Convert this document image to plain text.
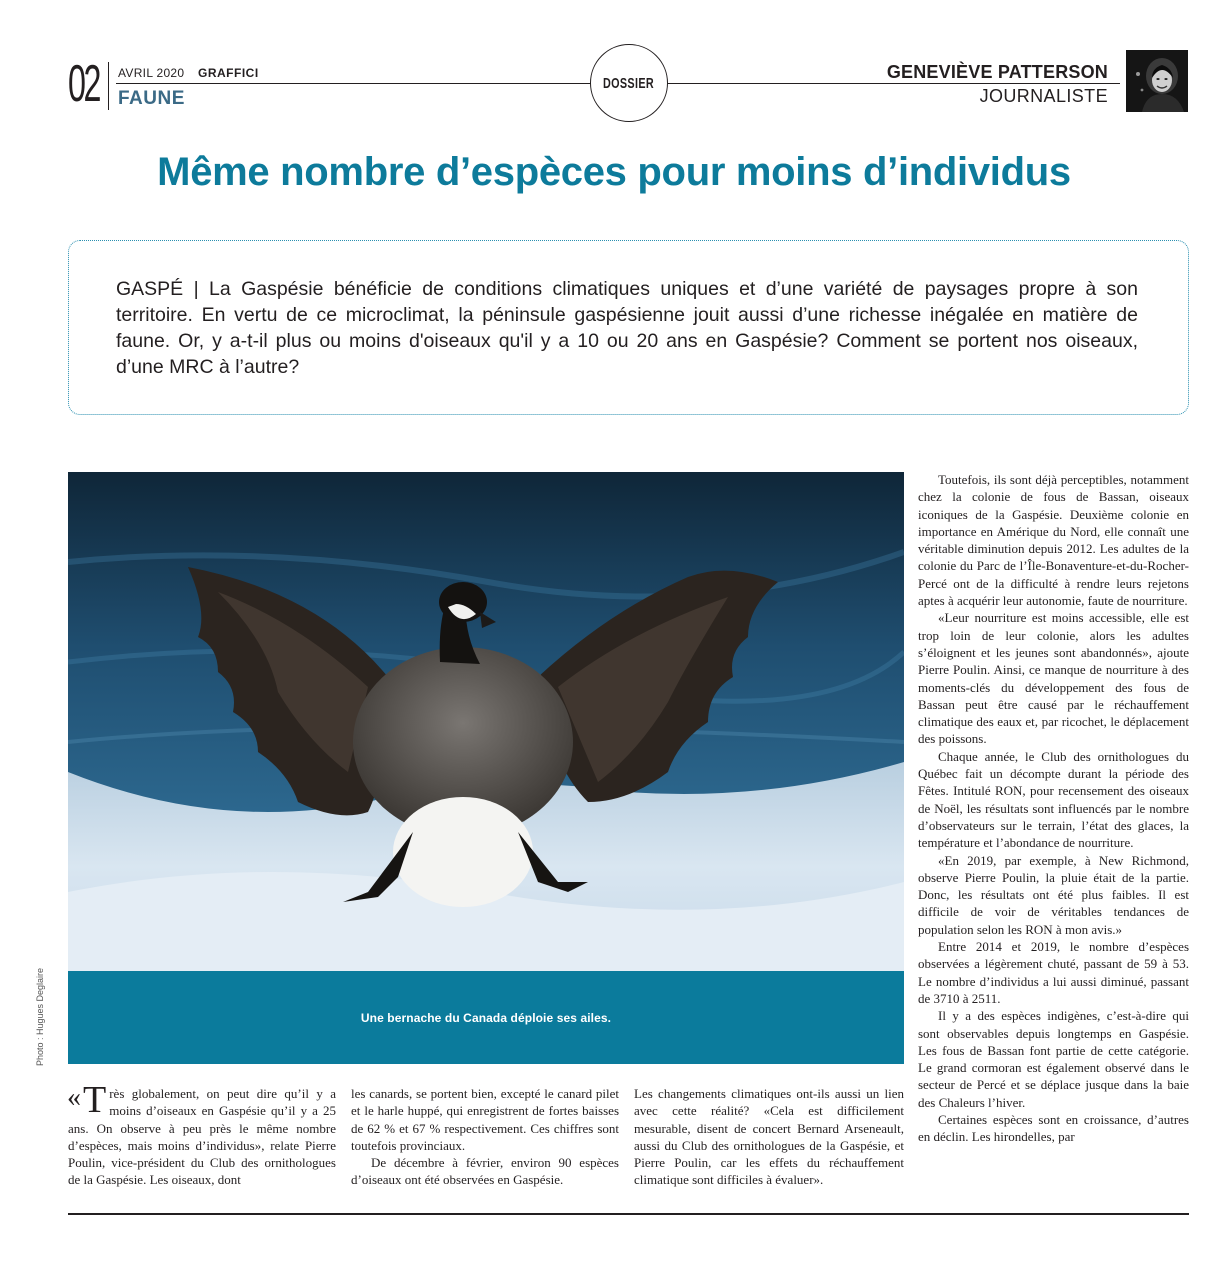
02 AVRIL 2020 GRAFFICI
FAUNE
DOSSIER
GENEVIÈVE PATTERSON
JOURNALISTE
Même nombre d’espèces pour moins d’individus
GASPÉ | La Gaspésie bénéficie de conditions climatiques uniques et d’une variété de paysages propre à son territoire. En vertu de ce microclimat, la péninsule gaspésienne jouit aussi d’une richesse inégalée en matière de faune. Or, y a-t-il plus ou moins d'oiseaux qu'il y a 10 ou 20 ans en Gaspésie? Comment se portent nos oiseaux, d’une MRC à l’autre?
Une bernache du Canada déploie ses ailes.
Photo : Hugues Deglaire

Toutefois, ils sont déjà perceptibles, notamment chez la colonie de fous de Bassan, oiseaux iconiques de la Gaspésie. Deuxième colonie en importance en Amérique du Nord, elle connaît une véritable diminution depuis 2012. Les adultes de la colonie du Parc de l’Île-Bonaventure-et-du-Rocher-Percé ont de la difficulté à rendre leurs rejetons aptes à acquérir leur autonomie, faute de nourriture.

«Leur nourriture est moins accessible, elle est trop loin de leur colonie, alors les adultes s’éloignent et les jeunes sont abandonnés», ajoute Pierre Poulin. Ainsi, ce manque de nourriture à des moments-clés du développement des fous de Bassan peut être causé par le réchauffement climatique des eaux et, par ricochet, le déplacement des poissons.

Chaque année, le Club des ornithologues du Québec fait un décompte durant la période des Fêtes. Intitulé RON, pour recensement des oiseaux de Noël, les résultats sont influencés par le nombre d’observateurs sur le terrain, l’état des glaces, la température et l’abondance de nourriture.

«En 2019, par exemple, à New Richmond, observe Pierre Poulin, la pluie était de la partie. Donc, les résultats ont été plus faibles. Il est difficile de voir de véritables tendances de population selon les RON à mon avis.»

Entre 2014 et 2019, le nombre d’espèces observées a légèrement chuté, passant de 59 à 53. Le nombre d’individus a lui aussi diminué, passant de 3710 à 2511.

Il y a des espèces indigènes, c’est-à-dire qui sont observables depuis longtemps en Gaspésie. Les fous de Bassan font partie de cette catégorie. Le grand cormoran est également observé dans le secteur de Percé et se déplace jusque dans la baie des Chaleurs l’hiver.

Certaines espèces sont en croissance, d’autres en déclin. Les hirondelles, par

« T rès globalement, on peut dire qu’il y a moins d’oiseaux en Gaspésie qu’il y a 25 ans. On observe à peu près le même nombre d’espèces, mais moins d’individus», relate Pierre Poulin, vice-président du Club des ornithologues de la Gaspésie. Les oiseaux, dont

les canards, se portent bien, excepté le canard pilet et le harle huppé, qui enregistrent de fortes baisses de 62 % et 67 % respectivement. Ces chiffres sont toutefois provinciaux.

De décembre à février, environ 90 espèces d’oiseaux ont été observées en Gaspésie.

Les changements climatiques ont-ils aussi un lien avec cette réalité? «Cela est difficilement mesurable, disent de concert Bernard Arseneault, aussi du Club des ornithologues de la Gaspésie, et Pierre Poulin, car les effets du réchauffement climatique sont difficiles à évaluer».
